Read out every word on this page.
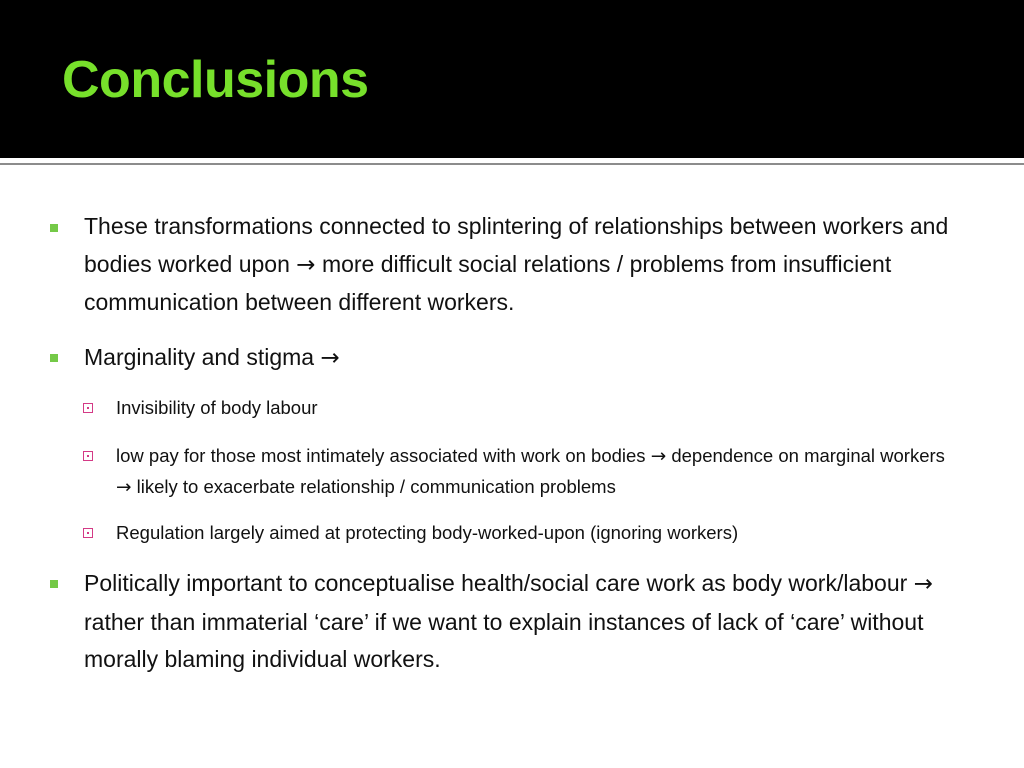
Conclusions

These transformations connected to splintering of relationships between workers and bodies worked upon → more difficult social relations / problems from insufficient communication between different workers.

Marginality and stigma →

Invisibility of body labour

low pay for those most intimately associated with work on bodies → dependence on marginal workers → likely to exacerbate relationship / communication problems

Regulation largely aimed at protecting body-worked-upon (ignoring workers)

Politically important to conceptualise health/social care work as body work/labour → rather than immaterial ‘care’ if we want to explain instances of lack of ‘care’ without morally blaming individual workers.
